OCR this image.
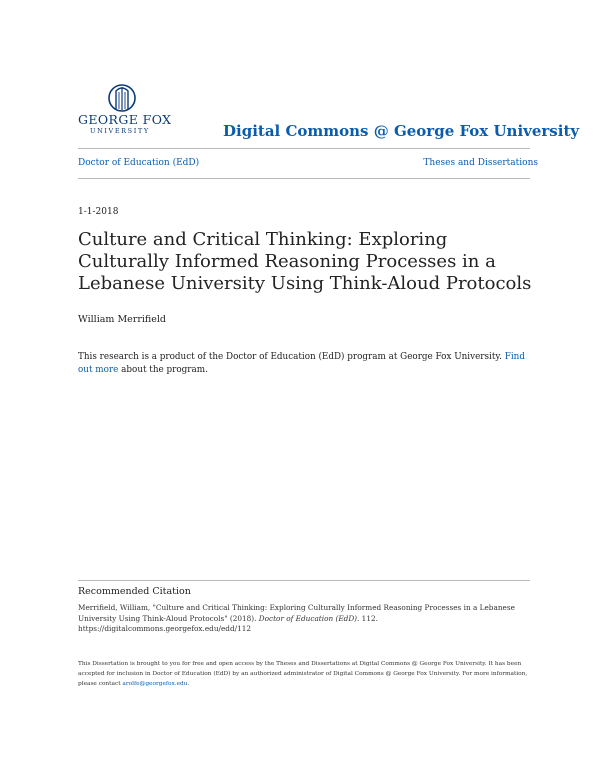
GEORGE FOX
UNIVERSITY	Digital Commons @ George Fox University
Doctor of Education (EdD)	Theses and Dissertations
1-1-2018
Culture and Critical Thinking: Exploring Culturally Informed Reasoning Processes in a Lebanese University Using Think-Aloud Protocols
William Merrifield
This research is a product of the Doctor of Education (EdD) program at George Fox University. Find out more about the program.
Recommended Citation
Merrifield, William, "Culture and Critical Thinking: Exploring Culturally Informed Reasoning Processes in a Lebanese University Using Think-Aloud Protocols" (2018). Doctor of Education (EdD). 112.
https://digitalcommons.georgefox.edu/edd/112
This Dissertation is brought to you for free and open access by the Theses and Dissertations at Digital Commons @ George Fox University. It has been accepted for inclusion in Doctor of Education (EdD) by an authorized administrator of Digital Commons @ George Fox University. For more information, please contact arolfe@georgefox.edu.
